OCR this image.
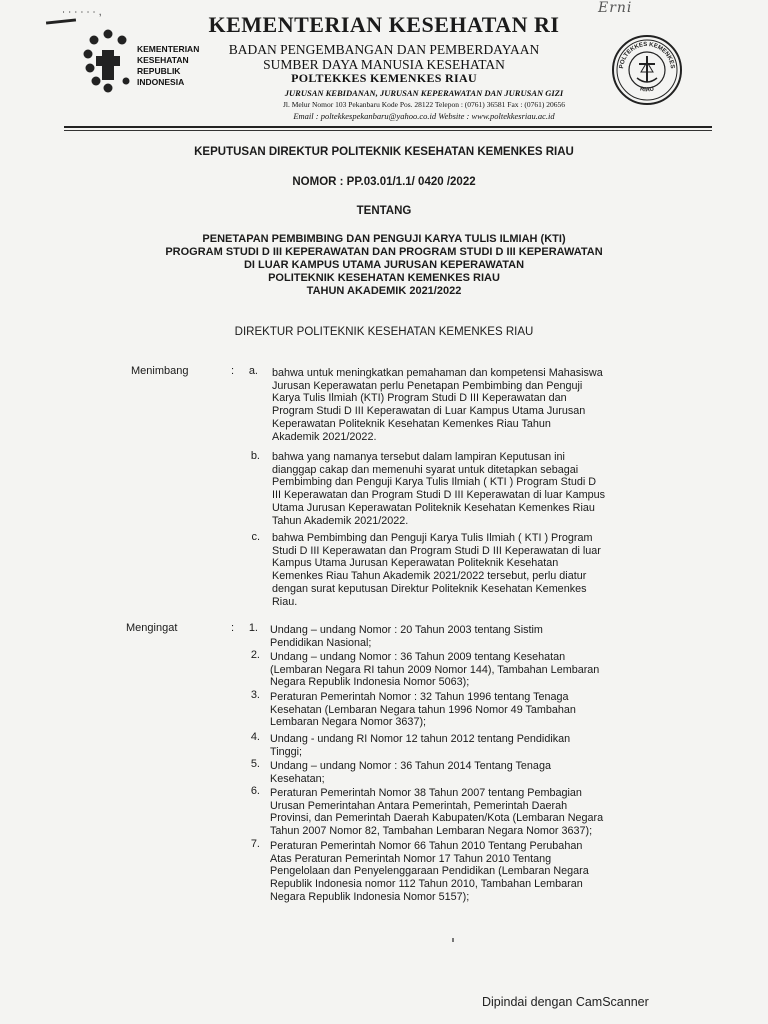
∙ ∙ ∙ ∙ ∙ ∙ ,	Erni
KEMENTERIAN
KESEHATAN
REPUBLIK
INDONESIA
POLTEKKES KEMENKES
RIAU
KEMENTERIAN KESEHATAN RI
BADAN PENGEMBANGAN DAN PEMBERDAYAAN
SUMBER DAYA MANUSIA KESEHATAN
POLTEKKES KEMENKES RIAU
JURUSAN KEBIDANAN, JURUSAN KEPERAWATAN DAN JURUSAN GIZI
Jl. Melur Nomor 103 Pekanbaru Kode Pos. 28122 Telepon : (0761) 36581 Fax : (0761) 20656
Email : poltekkespekanbaru@yahoo.co.id Website : www.poltekkesriau.ac.id
KEPUTUSAN DIREKTUR POLITEKNIK KESEHATAN KEMENKES RIAU
NOMOR : PP.03.01/1.1/ 0420 /2022
TENTANG
PENETAPAN PEMBIMBING DAN PENGUJI KARYA TULIS ILMIAH (KTI)
PROGRAM STUDI D III KEPERAWATAN DAN PROGRAM STUDI D III KEPERAWATAN
DI LUAR KAMPUS UTAMA JURUSAN KEPERAWATAN
POLITEKNIK KESEHATAN KEMENKES RIAU
TAHUN AKADEMIK 2021/2022
DIREKTUR POLITEKNIK KESEHATAN KEMENKES RIAU
Menimbang	:	a. bahwa untuk meningkatkan pemahaman dan kompetensi Mahasiswa
Jurusan Keperawatan perlu Penetapan Pembimbing dan Penguji
Karya Tulis Ilmiah (KTI) Program Studi D III Keperawatan dan
Program Studi D III Keperawatan di Luar Kampus Utama Jurusan
Keperawatan Politeknik Kesehatan Kemenkes Riau Tahun
Akademik 2021/2022.
b. bahwa yang namanya tersebut dalam lampiran Keputusan ini
dianggap cakap dan memenuhi syarat untuk ditetapkan sebagai
Pembimbing dan Penguji Karya Tulis Ilmiah ( KTI ) Program Studi D
III Keperawatan dan Program Studi D III Keperawatan di luar Kampus
Utama Jurusan Keperawatan Politeknik Kesehatan Kemenkes Riau
Tahun Akademik 2021/2022.
c. bahwa Pembimbing dan Penguji Karya Tulis Ilmiah ( KTI ) Program
Studi D III Keperawatan dan Program Studi D III Keperawatan di luar
Kampus Utama Jurusan Keperawatan Politeknik Kesehatan
Kemenkes Riau Tahun Akademik 2021/2022 tersebut, perlu diatur
dengan surat keputusan Direktur Politeknik Kesehatan Kemenkes
Riau.
Mengingat	:	1. Undang – undang Nomor : 20 Tahun 2003 tentang Sistim
Pendidikan Nasional;
2. Undang – undang Nomor : 36 Tahun 2009 tentang Kesehatan
(Lembaran Negara RI tahun 2009 Nomor 144), Tambahan Lembaran
Negara Republik Indonesia Nomor 5063);
3. Peraturan Pemerintah Nomor : 32 Tahun 1996 tentang Tenaga
Kesehatan (Lembaran Negara tahun 1996 Nomor 49 Tambahan
Lembaran Negara Nomor 3637);
4. Undang - undang RI Nomor 12 tahun 2012 tentang Pendidikan
Tinggi;
5. Undang – undang Nomor : 36 Tahun 2014 Tentang Tenaga
Kesehatan;
6. Peraturan Pemerintah Nomor 38 Tahun 2007 tentang Pembagian
Urusan Pemerintahan Antara Pemerintah, Pemerintah Daerah
Provinsi, dan Pemerintah Daerah Kabupaten/Kota (Lembaran Negara
Tahun 2007 Nomor 82, Tambahan Lembaran Negara Nomor 3637);
7. Peraturan Pemerintah Nomor 66 Tahun 2010 Tentang Perubahan
Atas Peraturan Pemerintah Nomor 17 Tahun 2010 Tentang
Pengelolaan dan Penyelenggaraan Pendidikan (Lembaran Negara
Republik Indonesia nomor 112 Tahun 2010, Tambahan Lembaran
Negara Republik Indonesia Nomor 5157);
Dipindai dengan CamScanner
